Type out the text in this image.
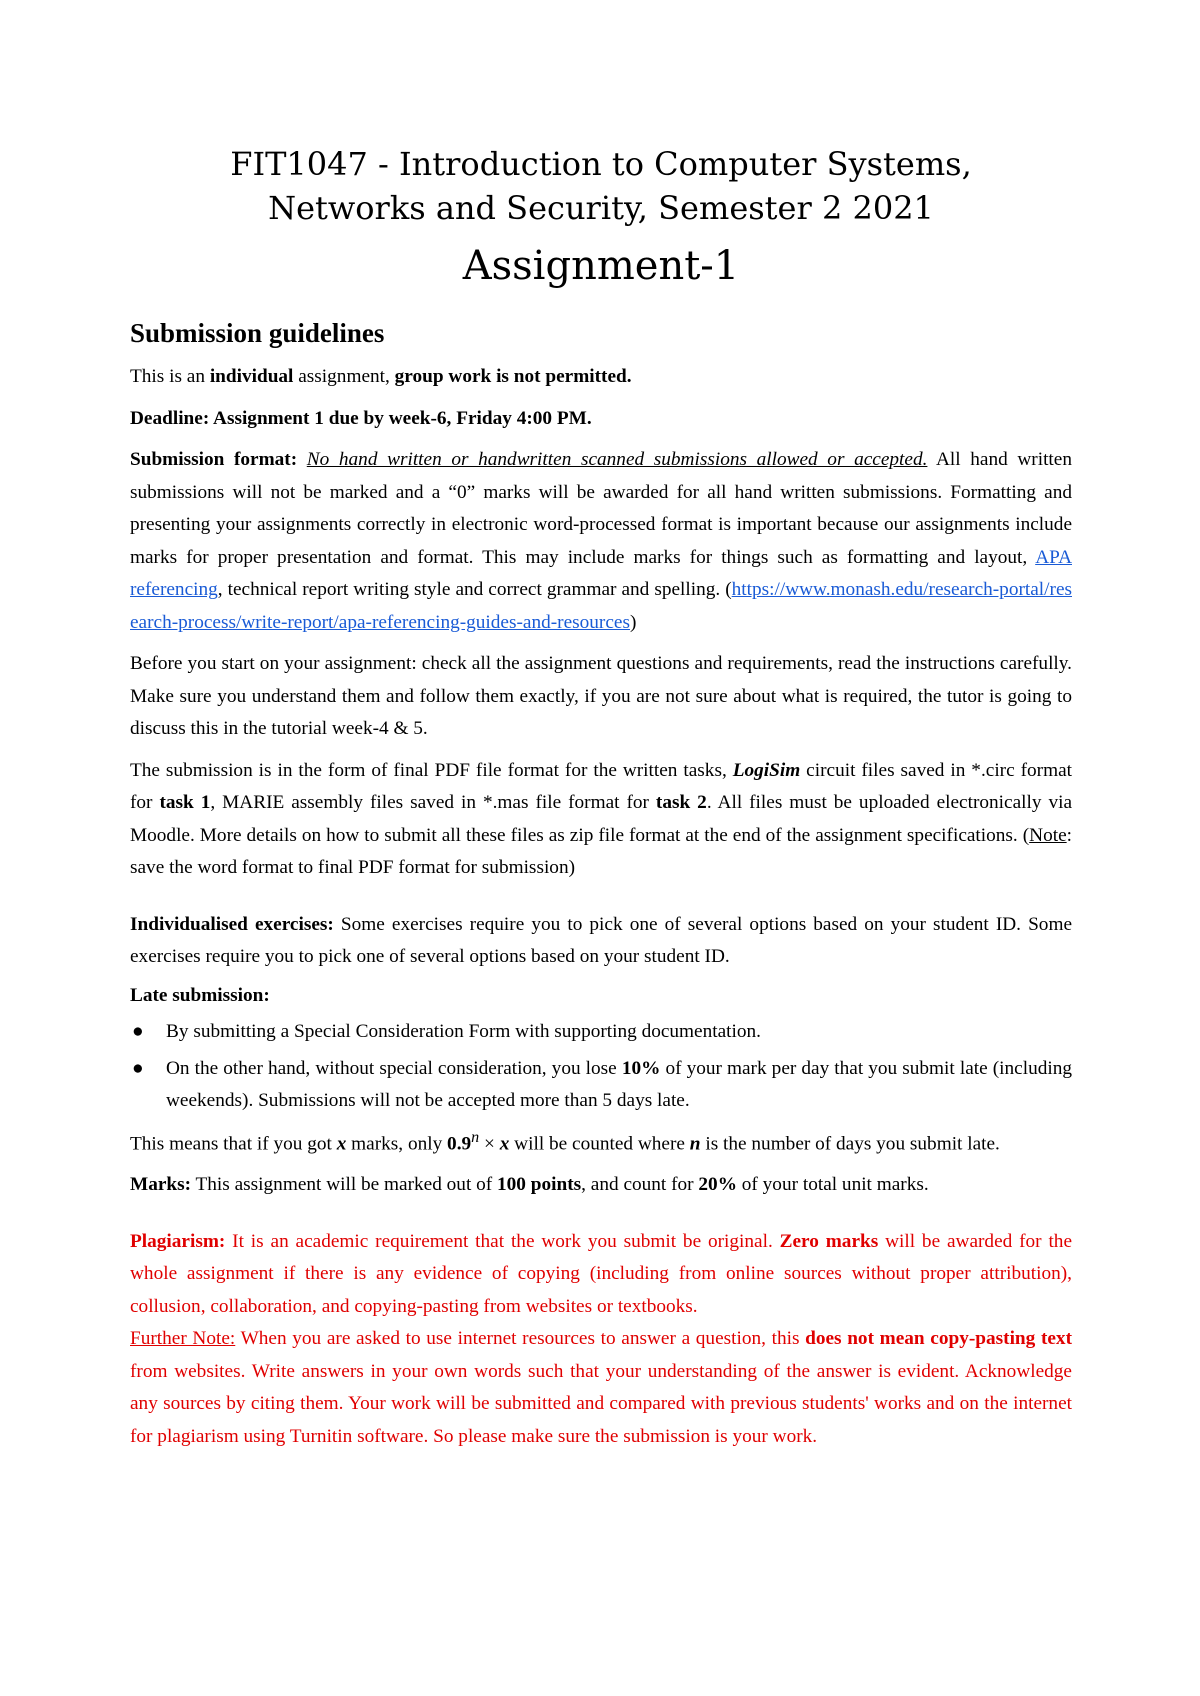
FIT1047 - Introduction to Computer Systems,

Networks and Security, Semester 2 2021

Assignment-1

Submission guidelines

This is an individual assignment, group work is not permitted.

Deadline: Assignment 1 due by week-6, Friday 4:00 PM.

Submission format: No hand written or handwritten scanned submissions allowed or accepted. All hand written submissions will not be marked and a “0” marks will be awarded for all hand written submissions. Formatting and presenting your assignments correctly in electronic word-processed format is important because our assignments include marks for proper presentation and format. This may include marks for things such as formatting and layout, APA referencing, technical report writing style and correct grammar and spelling. (https://www.monash.edu/research-portal/research-process/write-report/apa-referencing-guides-and-resources)

Before you start on your assignment: check all the assignment questions and requirements, read the instructions carefully. Make sure you understand them and follow them exactly, if you are not sure about what is required, the tutor is going to discuss this in the tutorial week-4 & 5.

The submission is in the form of final PDF file format for the written tasks, LogiSim circuit files saved in *.circ format for task 1, MARIE assembly files saved in *.mas file format for task 2. All files must be uploaded electronically via Moodle. More details on how to submit all these files as zip file format at the end of the assignment specifications. (Note: save the word format to final PDF format for submission)

Individualised exercises: Some exercises require you to pick one of several options based on your student ID. Some exercises require you to pick one of several options based on your student ID.

Late submission:

● By submitting a Special Consideration Form with supporting documentation.
● On the other hand, without special consideration, you lose 10% of your mark per day that you submit late (including weekends). Submissions will not be accepted more than 5 days late.

This means that if you got x marks, only $0.9^n \times x$ will be counted where n is the number of days you submit late.

Marks: This assignment will be marked out of 100 points, and count for 20% of your total unit marks.

Plagiarism: It is an academic requirement that the work you submit be original. Zero marks will be awarded for the whole assignment if there is any evidence of copying (including from online sources without proper attribution), collusion, collaboration, and copying-pasting from websites or textbooks.

Further Note: When you are asked to use internet resources to answer a question, this does not mean copy-pasting text from websites. Write answers in your own words such that your understanding of the answer is evident. Acknowledge any sources by citing them. Your work will be submitted and compared with previous students' works and on the internet for plagiarism using Turnitin software. So please make sure the submission is your work.
